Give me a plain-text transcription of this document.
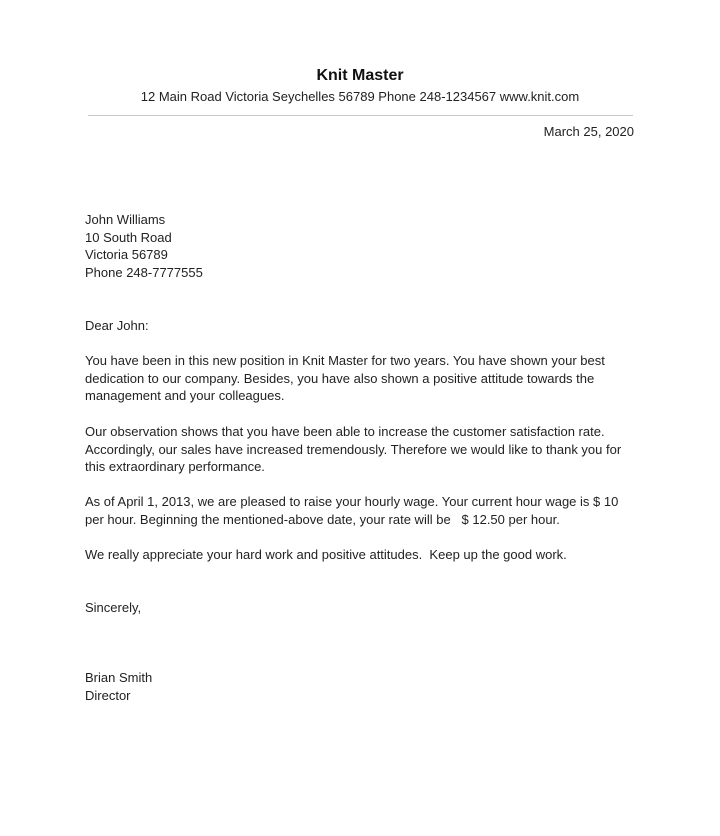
Knit Master
12 Main Road Victoria Seychelles 56789 Phone 248-1234567 www.knit.com
March 25, 2020
John Williams
10 South Road
Victoria 56789
Phone 248-7777555
Dear John:

You have been in this new position in Knit Master for two years. You have shown your best dedication to our company. Besides, you have also shown a positive attitude towards the management and your colleagues.

Our observation shows that you have been able to increase the customer satisfaction rate. Accordingly, our sales have increased tremendously. Therefore we would like to thank you for this extraordinary performance.

As of April 1, 2013, we are pleased to raise your hourly wage. Your current hour wage is $ 10 per hour. Beginning the mentioned-above date, your rate will be   $ 12.50 per hour.

We really appreciate your hard work and positive attitudes.  Keep up the good work.

Sincerely,
Brian Smith
Director
